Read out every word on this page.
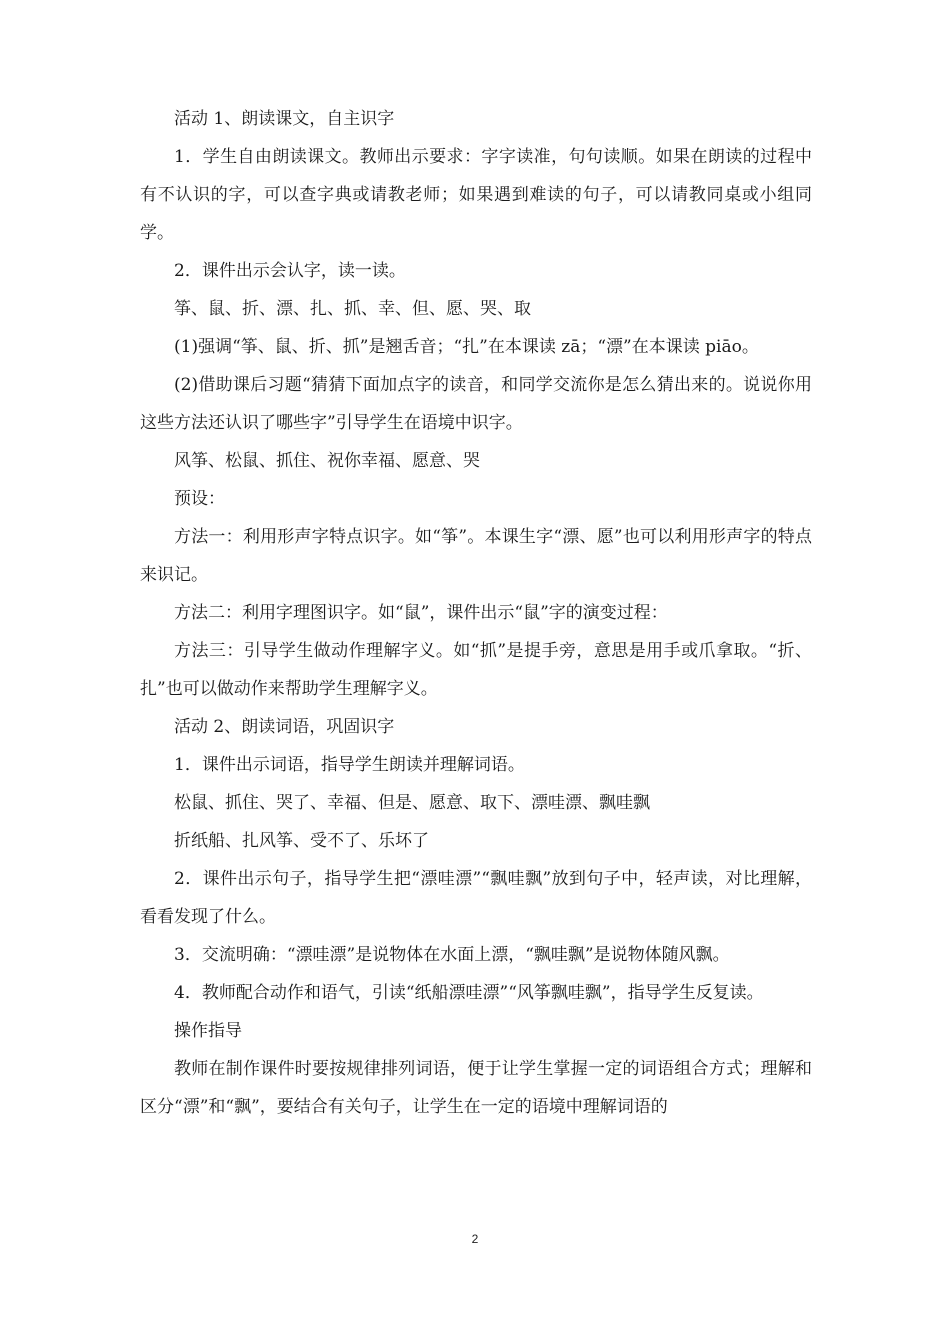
活动 1、朗读课文，自主识字

1．学生自由朗读课文。教师出示要求：字字读准，句句读顺。如果在朗读的过程中有不认识的字，可以查字典或请教老师；如果遇到难读的句子，可以请教同桌或小组同学。

2．课件出示会认字，读一读。

筝、鼠、折、漂、扎、抓、幸、但、愿、哭、取

(1)强调“筝、鼠、折、抓”是翘舌音；“扎”在本课读 zā；“漂”在本课读 piāo。

(2)借助课后习题“猜猜下面加点字的读音，和同学交流你是怎么猜出来的。说说你用这些方法还认识了哪些字”引导学生在语境中识字。

风筝、松鼠、抓住、祝你幸福、愿意、哭

预设：

方法一：利用形声字特点识字。如“筝”。本课生字“漂、愿”也可以利用形声字的特点来识记。

方法二：利用字理图识字。如“鼠”，课件出示“鼠”字的演变过程：

方法三：引导学生做动作理解字义。如“抓”是提手旁，意思是用手或爪拿取。“折、扎”也可以做动作来帮助学生理解字义。

活动 2、朗读词语，巩固识字

1．课件出示词语，指导学生朗读并理解词语。

松鼠、抓住、哭了、幸福、但是、愿意、取下、漂哇漂、飘哇飘

折纸船、扎风筝、受不了、乐坏了

2．课件出示句子，指导学生把“漂哇漂”“飘哇飘”放到句子中，轻声读，对比理解，看看发现了什么。

3．交流明确：“漂哇漂”是说物体在水面上漂，“飘哇飘”是说物体随风飘。

4．教师配合动作和语气，引读“纸船漂哇漂”“风筝飘哇飘”，指导学生反复读。

操作指导

教师在制作课件时要按规律排列词语，便于让学生掌握一定的词语组合方式；理解和区分“漂”和“飘”，要结合有关句子，让学生在一定的语境中理解词语的

2
